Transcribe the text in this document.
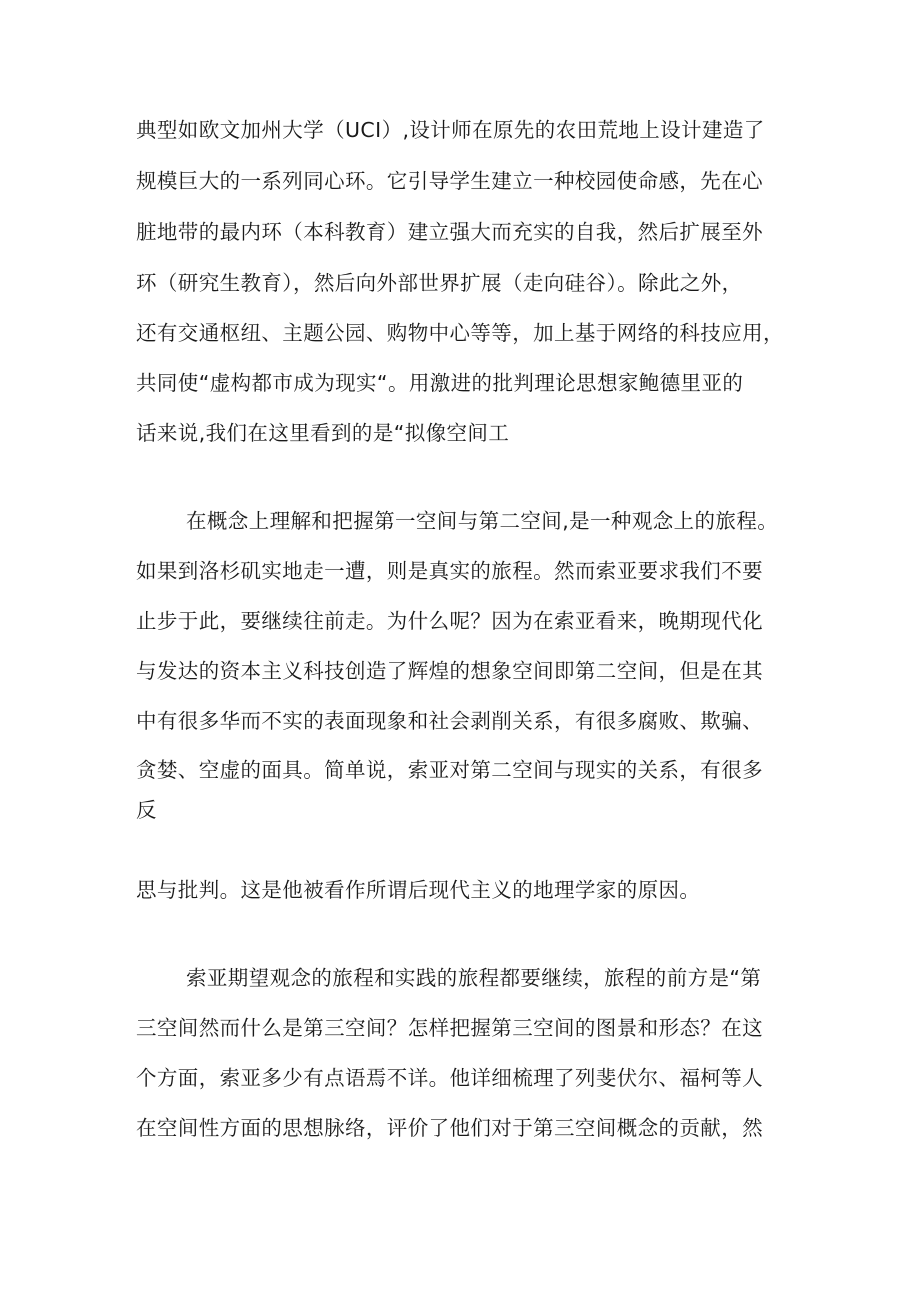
典型如欧文加州大学（UCI）,设计师在原先的农田荒地上设计建造了
规模巨大的一系列同心环。它引导学生建立一种校园使命感，先在心
脏地带的最内环（本科教育）建立强大而充实的自我，然后扩展至外
环（研究生教育），然后向外部世界扩展（走向硅谷）。除此之外，
还有交通枢纽、主题公园、购物中心等等，加上基于网络的科技应用，
共同使“虚构都市成为现实“。用激进的批判理论思想家鲍德里亚的
话来说,我们在这里看到的是“拟像空间工
在概念上理解和把握第一空间与第二空间,是一种观念上的旅程。
如果到洛杉矶实地走一遭，则是真实的旅程。然而索亚要求我们不要
止步于此，要继续往前走。为什么呢？因为在索亚看来，晚期现代化
与发达的资本主义科技创造了辉煌的想象空间即第二空间，但是在其
中有很多华而不实的表面现象和社会剥削关系，有很多腐败、欺骗、
贪婪、空虚的面具。简单说，索亚对第二空间与现实的关系，有很多
反
思与批判。这是他被看作所谓后现代主义的地理学家的原因。
索亚期望观念的旅程和实践的旅程都要继续，旅程的前方是“第
三空间然而什么是第三空间？怎样把握第三空间的图景和形态？在这
个方面，索亚多少有点语焉不详。他详细梳理了列斐伏尔、福柯等人
在空间性方面的思想脉络，评价了他们对于第三空间概念的贡献，然
